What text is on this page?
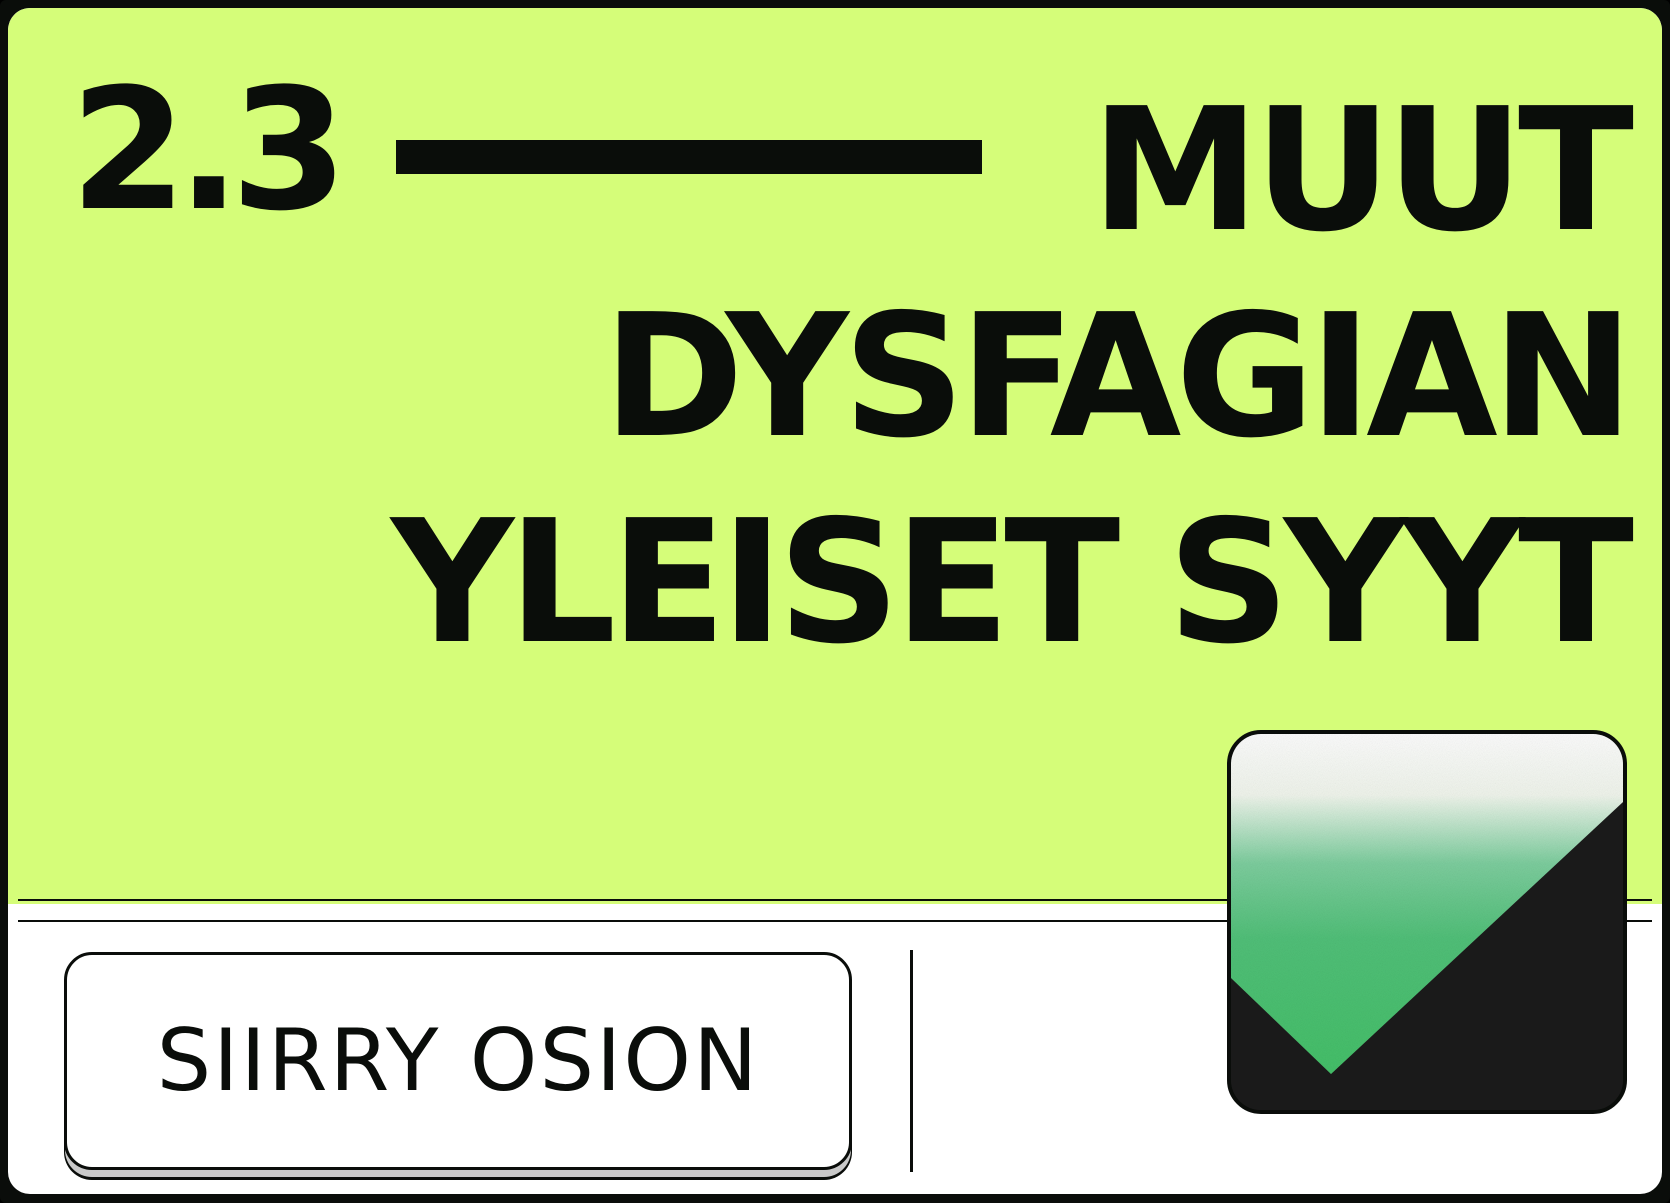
2.3	MUUT
DYSFAGIAN
YLEISET SYYT
SIIRRY OSION
